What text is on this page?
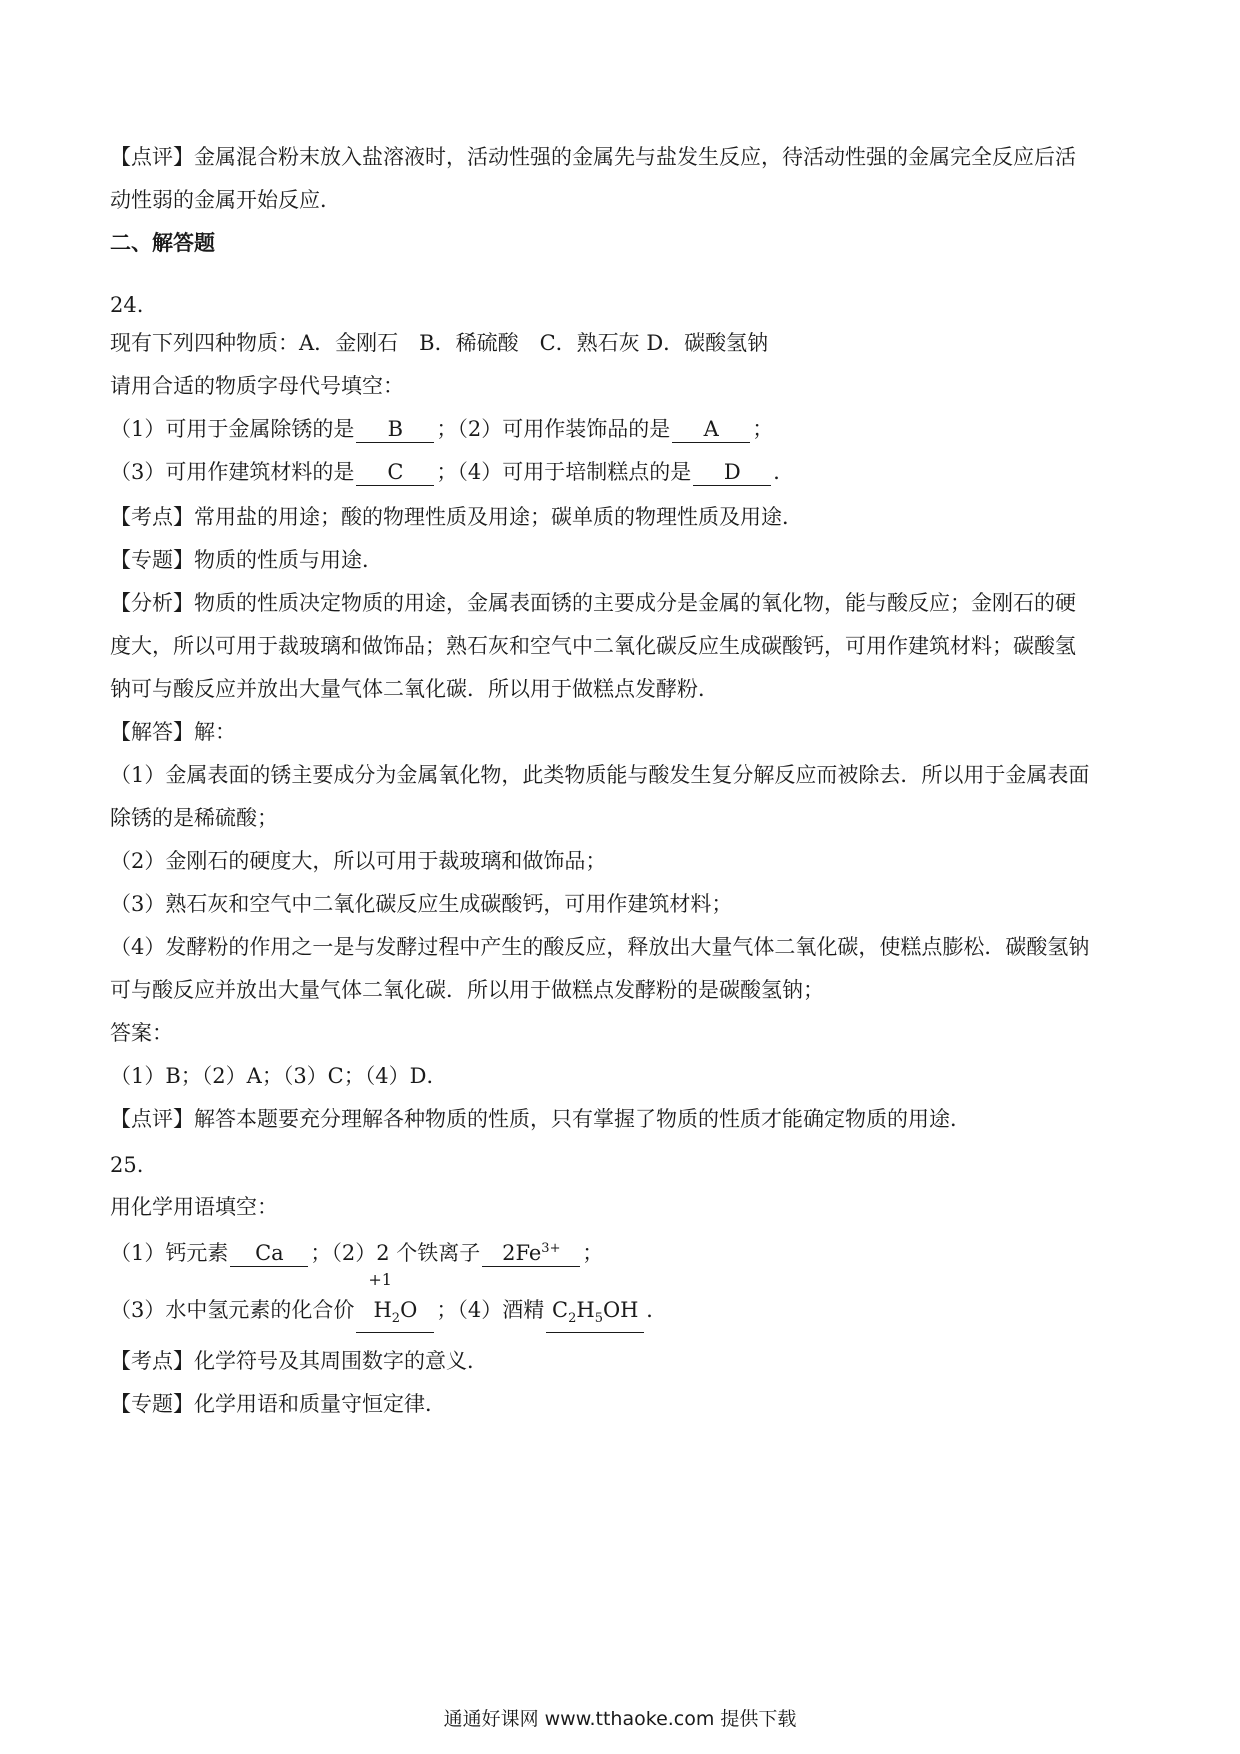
【点评】金属混合粉末放入盐溶液时，活动性强的金属先与盐发生反应，待活动性强的金属完全反应后活
动性弱的金属开始反应．
二、解答题
24.
现有下列四种物质：A．金刚石　B．稀硫酸　C．熟石灰 D．碳酸氢钠
请用合适的物质字母代号填空：
（1）可用于金属除锈的是 B ；（2）可用作装饰品的是 A ；
（3）可用作建筑材料的是 C ；（4）可用于培制糕点的是 D ．
【考点】常用盐的用途；酸的物理性质及用途；碳单质的物理性质及用途．
【专题】物质的性质与用途．
【分析】物质的性质决定物质的用途，金属表面锈的主要成分是金属的氧化物，能与酸反应；金刚石的硬
度大，所以可用于裁玻璃和做饰品；熟石灰和空气中二氧化碳反应生成碳酸钙，可用作建筑材料；碳酸氢
钠可与酸反应并放出大量气体二氧化碳．所以用于做糕点发酵粉．
【解答】解：
（1）金属表面的锈主要成分为金属氧化物，此类物质能与酸发生复分解反应而被除去．所以用于金属表面
除锈的是稀硫酸；
（2）金刚石的硬度大，所以可用于裁玻璃和做饰品；
（3）熟石灰和空气中二氧化碳反应生成碳酸钙，可用作建筑材料；
（4）发酵粉的作用之一是与发酵过程中产生的酸反应，释放出大量气体二氧化碳，使糕点膨松．碳酸氢钠
可与酸反应并放出大量气体二氧化碳．所以用于做糕点发酵粉的是碳酸氢钠；
答案：
（1）B；（2）A；（3）C；（4）D．
【点评】解答本题要充分理解各种物质的性质，只有掌握了物质的性质才能确定物质的用途．
25.
用化学用语填空：
（1）钙元素 Ca ；（2）2 个铁离子 $2Fe^{3+}$ ；
（3）水中氢元素的化合价
+1
$H_2O$ ；（4）酒精 $C_2H_5OH$ ．
【考点】化学符号及其周围数字的意义．
【专题】化学用语和质量守恒定律．
通通好课网 www.tthaoke.com 提供下载
